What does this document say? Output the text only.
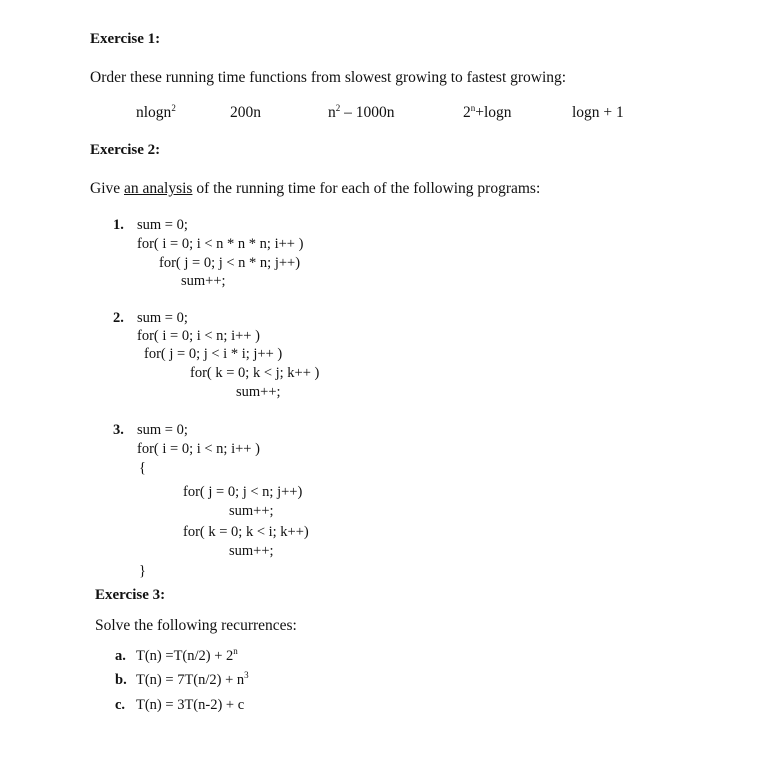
Exercise 1:
Order these running time functions from slowest growing to fastest growing:
nlogn$^2$	200n	$n^2 - 1000n$	$2^n+\log n$	logn + 1
Exercise 2:
Give an analysis of the running time for each of the following programs:
1. sum = 0;
for( i = 0; i < n * n * n; i++ )
for( j = 0; j < n * n; j++)
sum++;
2. sum = 0;
for( i = 0; i < n; i++ )
for( j = 0; j < i * i; j++ )
for( k = 0; k < j; k++ )
sum++;
3. sum = 0;
for( i = 0; i < n; i++ )
{
for( j = 0; j < n; j++)
sum++;
for( k = 0; k < i; k++)
sum++;
}
Exercise 3:
Solve the following recurrences:
a. $T(n) =T(n/2) + 2^n$
b. $T(n) = 7T(n/2) + n^3$
c. T(n) = 3T(n-2) + c
